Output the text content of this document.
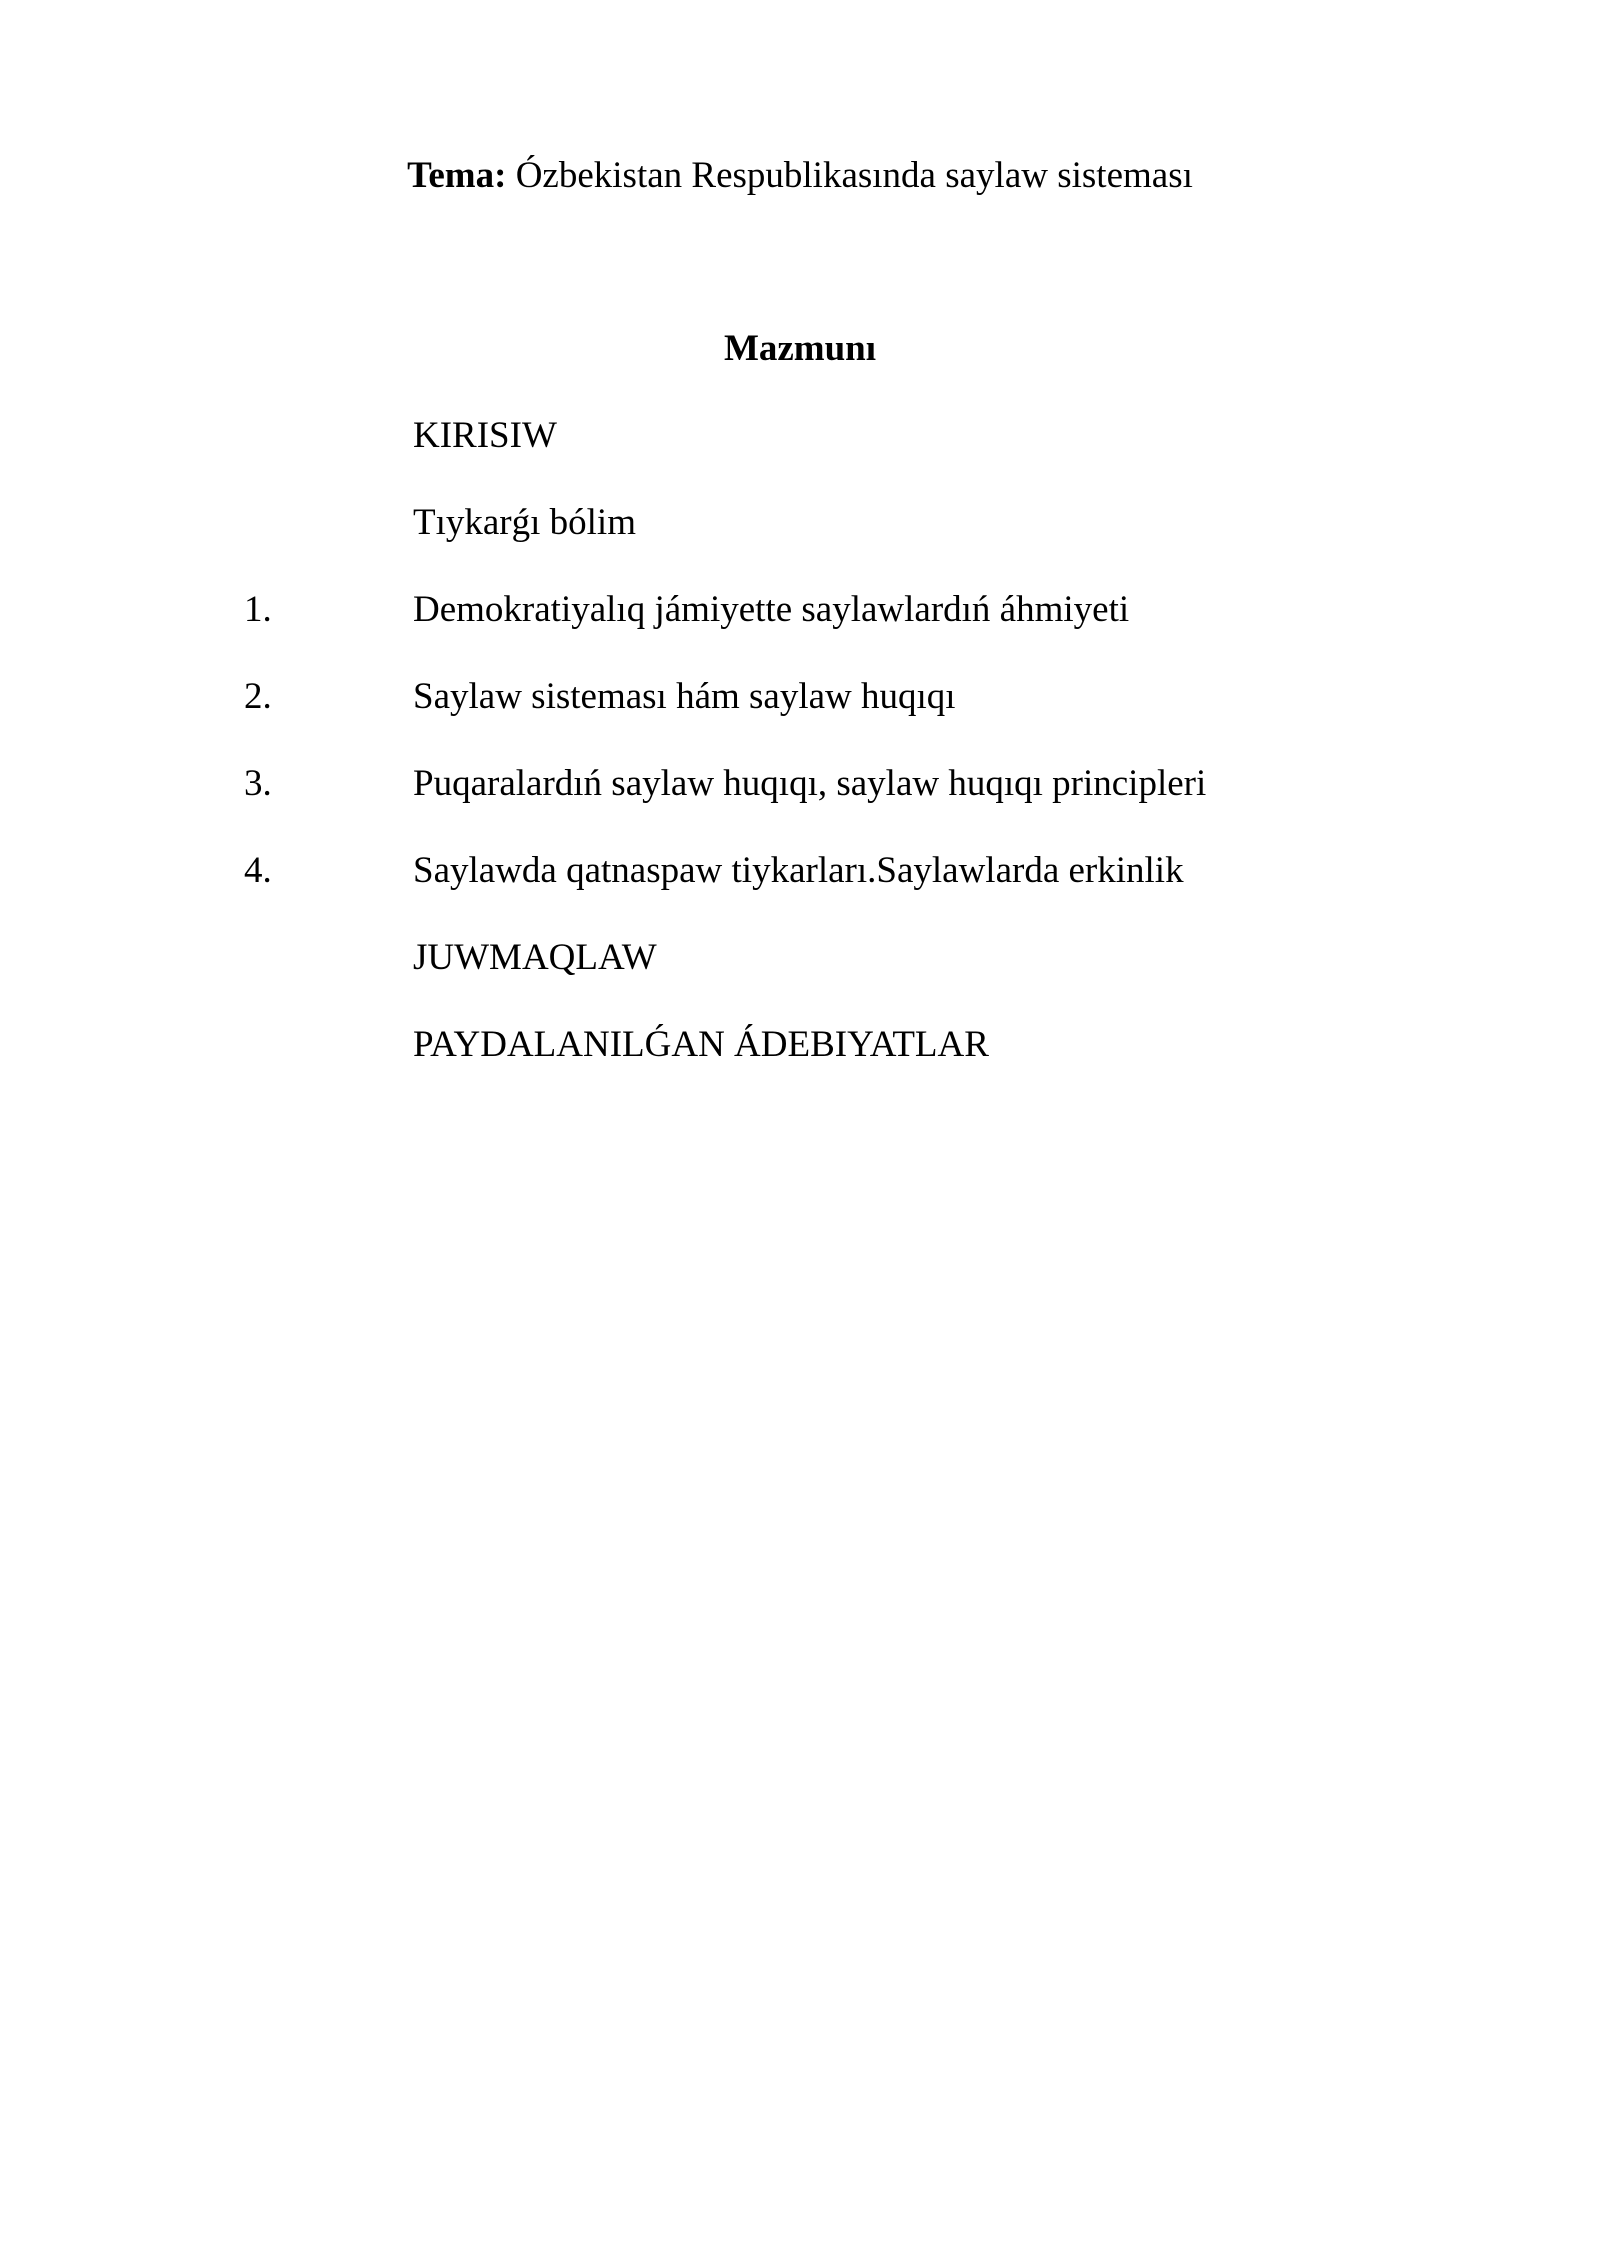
Tema: Ózbekistan Respublikasında saylaw sisteması
Mazmunı
KIRISIW
Tıykarǵı bólim
1.	Demokratiyalıq jámiyette saylawlardıń áhmiyeti
2.	Saylaw sisteması hám saylaw huqıqı
3.	Puqaralardıń saylaw huqıqı, saylaw huqıqı principleri
4.	Saylawda qatnaspaw tiykarları.Saylawlarda erkinlik
JUWMAQLAW
PAYDALANILǴAN ÁDEBIYATLAR
